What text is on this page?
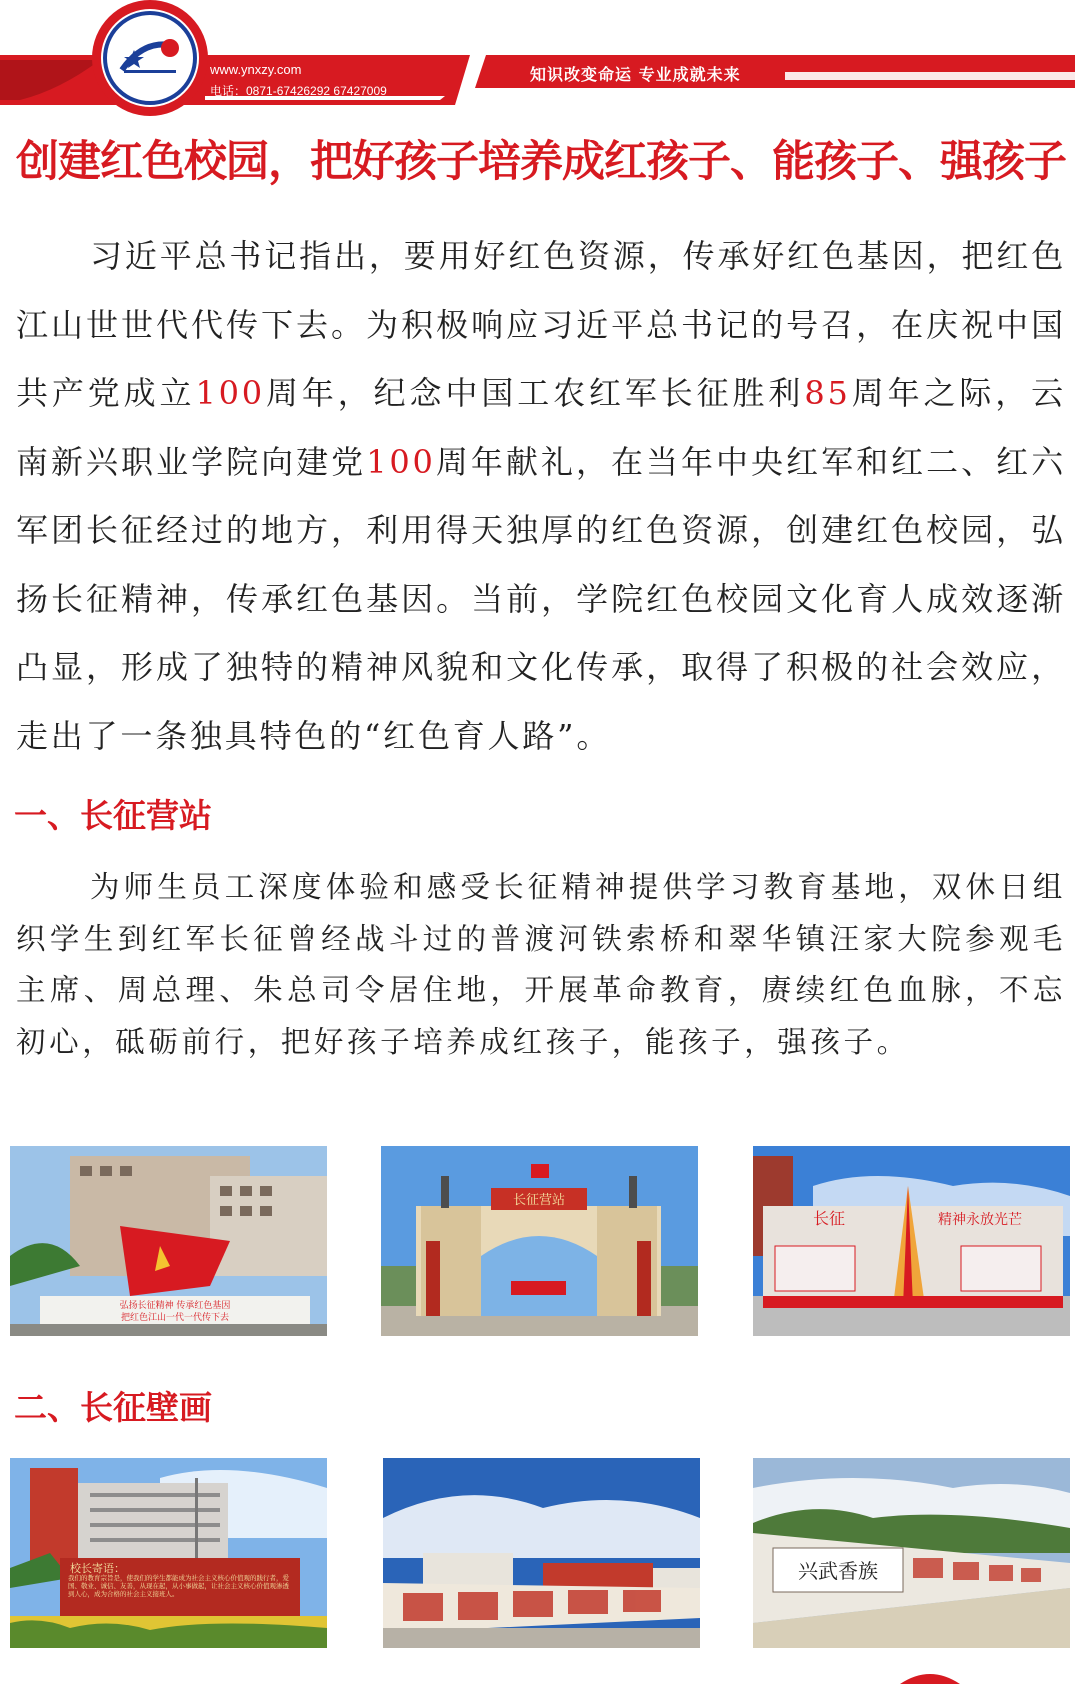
www.ynxzy.com
电话：0871-67426292 67427009
知识改变命运 专业成就未来
创建红色校园，把好孩子培养成红孩子、能孩子、强孩子

习近平总书记指出，要用好红色资源，传承好红色基因，把红色江山世世代代传下去。为积极响应习近平总书记的号召，在庆祝中国共产党成立100周年，纪念中国工农红军长征胜利85周年之际，云南新兴职业学院向建党100周年献礼，在当年中央红军和红二、红六军团长征经过的地方，利用得天独厚的红色资源，创建红色校园，弘扬长征精神，传承红色基因。当前，学院红色校园文化育人成效逐渐凸显，形成了独特的精神风貌和文化传承，取得了积极的社会效应，走出了一条独具特色的“红色育人路”。

一、长征营站

为师生员工深度体验和感受长征精神提供学习教育基地，双休日组织学生到红军长征曾经战斗过的普渡河铁索桥和翠华镇汪家大院参观毛主席、周总理、朱总司令居住地，开展革命教育，赓续红色血脉，不忘初心，砥砺前行，把好孩子培养成红孩子，能孩子，强孩子。

弘扬长征精神 传承红色基因
把红色江山一代一代传下去
长征营站
长征	精神永放光芒
二、长征壁画
校长寄语：
我们的教育宗旨是，使我们的学生都能成为社会主义核心价值观的践行者，爱国、敬业、诚信、友善，从现在起，从小事做起，让社会主义核心价值观渗透到人心，成为合格的社会主义接班人。
兴武香族
